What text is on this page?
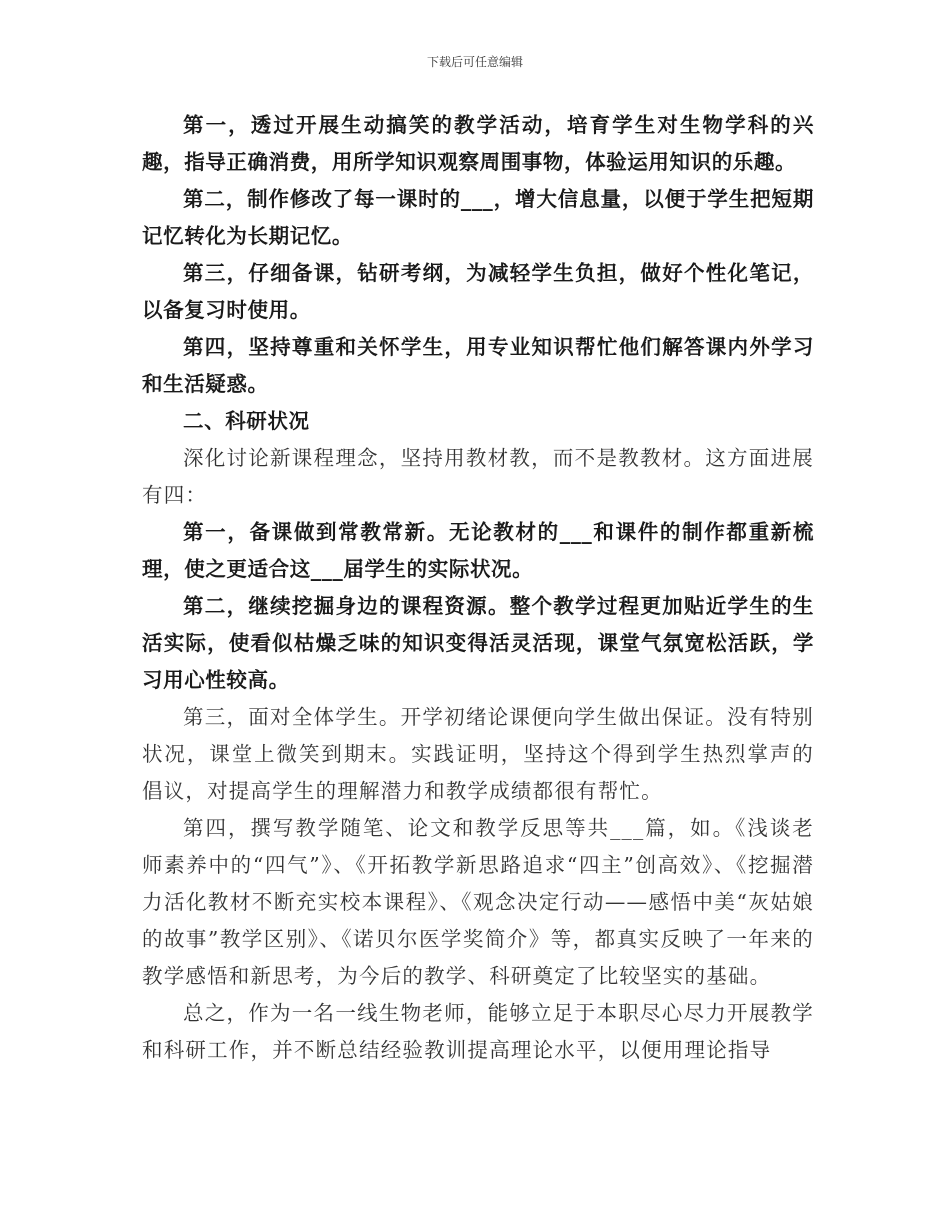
下载后可任意编辑

第一，透过开展生动搞笑的教学活动，培育学生对生物学科的兴趣，指导正确消费，用所学知识观察周围事物，体验运用知识的乐趣。

第二，制作修改了每一课时的___，增大信息量，以便于学生把短期记忆转化为长期记忆。

第三，仔细备课，钻研考纲，为减轻学生负担，做好个性化笔记，以备复习时使用。

第四，坚持尊重和关怀学生，用专业知识帮忙他们解答课内外学习和生活疑惑。

二、科研状况

深化讨论新课程理念，坚持用教材教，而不是教教材。这方面进展有四：

第一，备课做到常教常新。无论教材的___和课件的制作都重新梳理，使之更适合这___届学生的实际状况。

第二，继续挖掘身边的课程资源。整个教学过程更加贴近学生的生活实际，使看似枯燥乏味的知识变得活灵活现，课堂气氛宽松活跃，学习用心性较高。

第三，面对全体学生。开学初绪论课便向学生做出保证。没有特别状况，课堂上微笑到期末。实践证明，坚持这个得到学生热烈掌声的倡议，对提高学生的理解潜力和教学成绩都很有帮忙。

第四，撰写教学随笔、论文和教学反思等共___篇，如。《浅谈老师素养中的“四气”》、《开拓教学新思路追求“四主”创高效》、《挖掘潜力活化教材不断充实校本课程》、《观念决定行动——感悟中美“灰姑娘的故事”教学区别》、《诺贝尔医学奖简介》等，都真实反映了一年来的教学感悟和新思考，为今后的教学、科研奠定了比较坚实的基础。

总之，作为一名一线生物老师，能够立足于本职尽心尽力开展教学和科研工作，并不断总结经验教训提高理论水平，以便用理论指导
